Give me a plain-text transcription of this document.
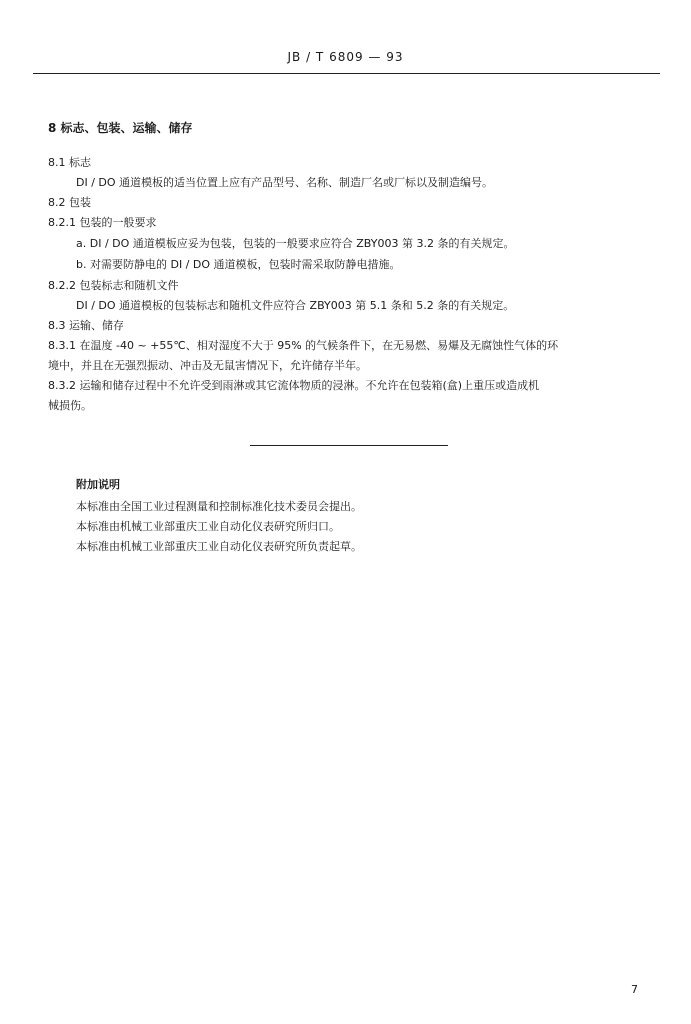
JB / T 6809 — 93
8 标志、包装、运输、储存
8.1 标志
DI / DO 通道模板的适当位置上应有产品型号、名称、制造厂名或厂标以及制造编号。
8.2 包装
8.2.1 包装的一般要求
a. DI / DO 通道模板应妥为包装，包装的一般要求应符合 ZBY003 第 3.2 条的有关规定。
b. 对需要防静电的 DI / DO 通道模板，包装时需采取防静电措施。
8.2.2 包装标志和随机文件
DI / DO 通道模板的包装标志和随机文件应符合 ZBY003 第 5.1 条和 5.2 条的有关规定。
8.3 运输、储存
8.3.1 在温度 -40 ~ +55℃、相对湿度不大于 95% 的气候条件下，在无易燃、易爆及无腐蚀性气体的环
境中，并且在无强烈振动、冲击及无鼠害情况下，允许储存半年。
8.3.2 运输和储存过程中不允许受到雨淋或其它流体物质的浸淋。不允许在包装箱(盒)上重压或造成机
械损伤。
附加说明
本标准由全国工业过程测量和控制标准化技术委员会提出。
本标准由机械工业部重庆工业自动化仪表研究所归口。
本标准由机械工业部重庆工业自动化仪表研究所负责起草。
7
